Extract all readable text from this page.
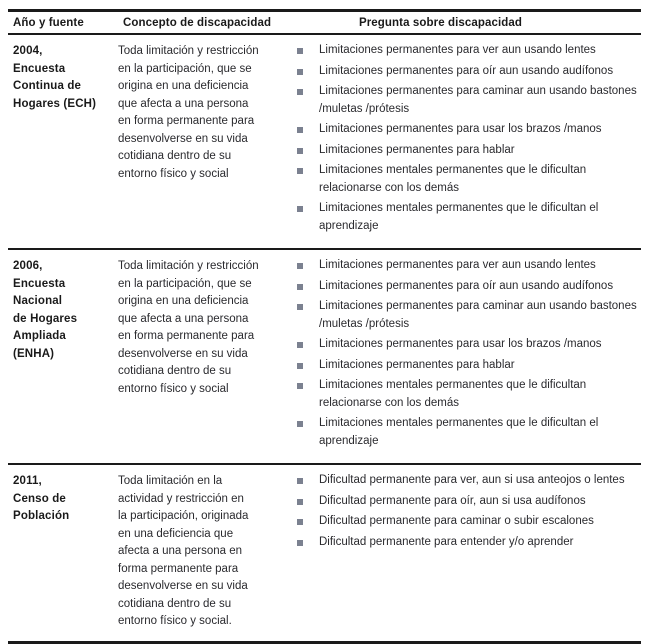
Año y fuente	Concepto de discapacidad	Pregunta sobre discapacidad
2004,
Encuesta
Continua de
Hogares (ECH)
Toda limitación y restricción
en la participación, que se
origina en una deficiencia
que afecta a una persona
en forma permanente para
desenvolverse en su vida
cotidiana dentro de su
entorno físico y social
Limitaciones permanentes para ver aun usando lentes
Limitaciones permanentes para oír aun usando audífonos
Limitaciones permanentes para caminar aun usando bastones /muletas /prótesis
Limitaciones permanentes para usar los brazos /manos
Limitaciones permanentes para hablar
Limitaciones mentales permanentes que le dificultan relacionarse con los demás
Limitaciones mentales permanentes que le dificultan el aprendizaje
2006,
Encuesta
Nacional
de Hogares
Ampliada
(ENHA)
Toda limitación y restricción
en la participación, que se
origina en una deficiencia
que afecta a una persona
en forma permanente para
desenvolverse en su vida
cotidiana dentro de su
entorno físico y social
Limitaciones permanentes para ver aun usando lentes
Limitaciones permanentes para oír aun usando audífonos
Limitaciones permanentes para caminar aun usando bastones /muletas /prótesis
Limitaciones permanentes para usar los brazos /manos
Limitaciones permanentes para hablar
Limitaciones mentales permanentes que le dificultan relacionarse con los demás
Limitaciones mentales permanentes que le dificultan el aprendizaje
2011,
Censo de
Población
Toda limitación en la
actividad y restricción en
la participación, originada
en una deficiencia que
afecta a una persona en
forma permanente para
desenvolverse en su vida
cotidiana dentro de su
entorno físico y social.
Dificultad permanente para ver, aun si usa anteojos o lentes
Dificultad permanente para oír, aun si usa audífonos
Dificultad permanente para caminar o subir escalones
Dificultad permanente para entender y/o aprender
